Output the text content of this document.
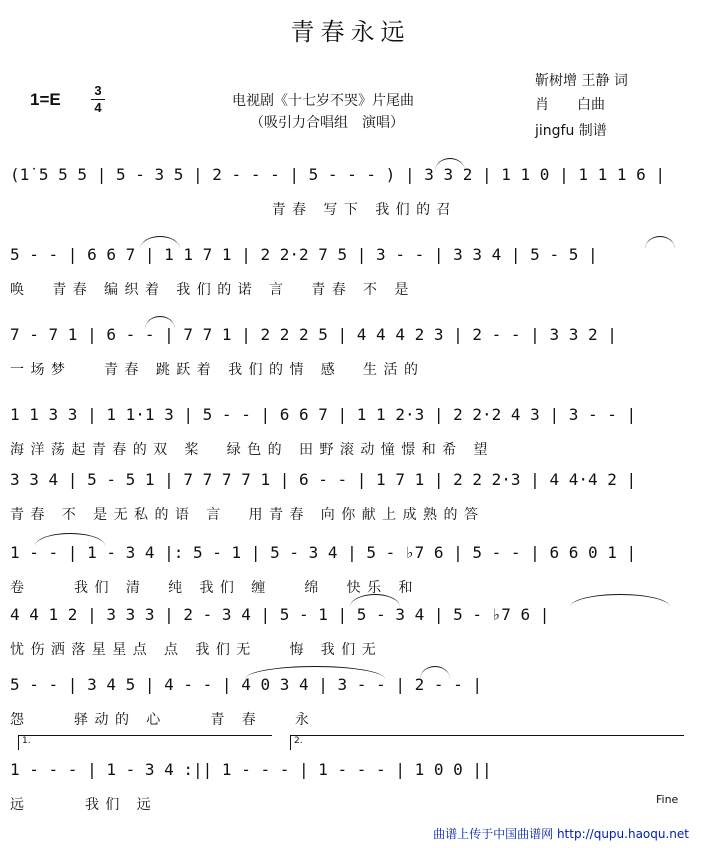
青春永远
1=E	3
4	电视剧《十七岁不哭》片尾曲
（吸引力合唱组　演唱）
靳树增 王静 词
肖　　白曲
jingfu 制谱
(1̇ 5 5 5 | 5 - 3 5 | 2 - - - | 5 - - - ) | 3 3 2 | 1 1 0 | 1 1 1 6 |
青 春   写 下   我 们 的 召
5 - - | 6 6 7 | 1 1 7 1 | 2 2·2 7 5 | 3 - - | 3 3 4 | 5 - 5 |
唤     青 春   编 织 着   我 们 的 诺   言     青 春   不   是
7 - 7 1 | 6 - - | 7 7 1 | 2 2 2 5 | 4 4 4 2 3 | 2 - - | 3 3 2 |
一 场 梦       青 春   跳 跃 着   我 们 的 情   感     生 活 的
1 1 3 3 | 1 1·1 3 | 5 - - | 6 6 7 | 1 1 2·3 | 2 2·2 4 3 | 3 - - |
海 洋 荡 起 青 春 的 双   桨     绿 色 的   田 野 滚 动 憧 憬 和 希   望
3 3 4 | 5 - 5 1 | 7 7 7 7 1 | 6 - - | 1 7 1 | 2 2 2·3 | 4 4·4 2 |
青 春   不   是 无 私 的 语   言     用 青 春   向 你 献 上 成 熟 的 答
1 - - | 1 - 3 4 |: 5 - 1 | 5 - 3 4 | 5 - ♭7 6 | 5 - - | 6 6 0 1 |
卷         我 们   清     纯   我 们   缠       绵     快 乐   和
4 4 1 2 | 3 3 3 | 2 - 3 4 | 5 - 1 | 5 - 3 4 | 5 - ♭7 6 |
忧 伤 洒 落 星 星 点   点   我 们 无       悔   我 们 无
5 - - | 3 4 5 | 4 - - | 4 0 3 4 | 3 - - | 2 - - |
怨         驿 动 的   心         青   春       永
1.	2.
1 - - - | 1 - 3 4 :|| 1 - - - | 1 - - - | 1 0 0 ||
远           我 们   远	Fine
曲谱上传于中国曲谱网 http://qupu.haoqu.net
